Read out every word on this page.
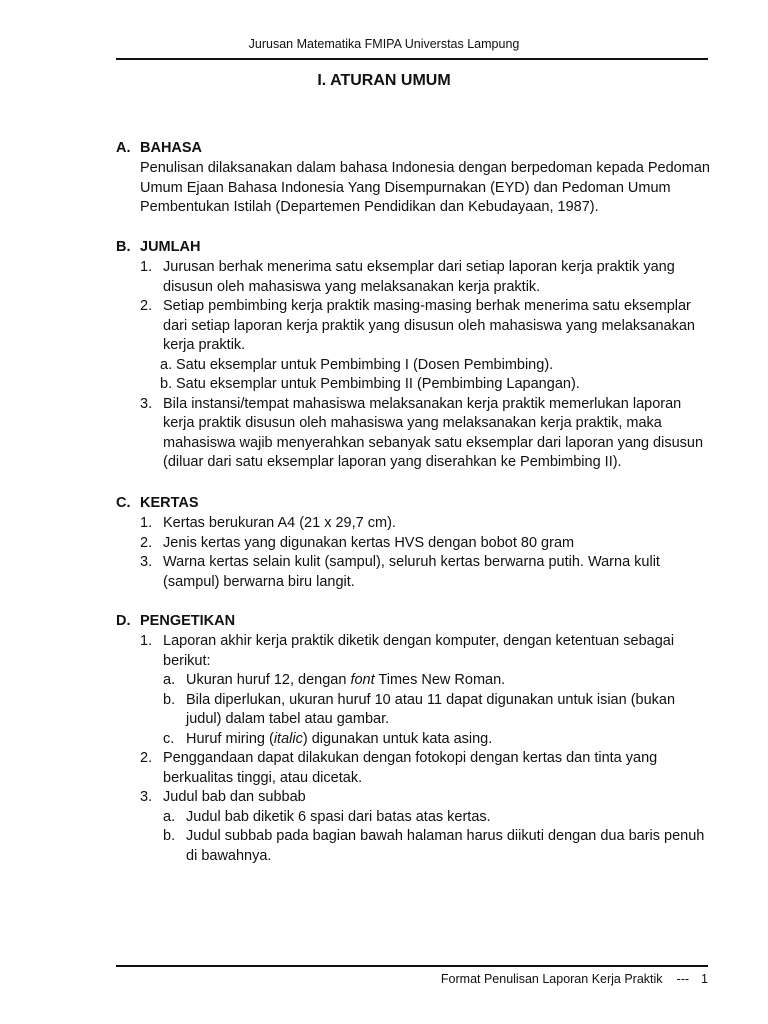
Jurusan Matematika FMIPA Universtas Lampung
I. ATURAN UMUM
A. BAHASA
Penulisan dilaksanakan dalam bahasa Indonesia dengan berpedoman kepada Pedoman Umum Ejaan Bahasa Indonesia Yang Disempurnakan (EYD) dan Pedoman Umum Pembentukan Istilah (Departemen Pendidikan dan Kebudayaan, 1987).
B. JUMLAH
1. Jurusan berhak menerima satu eksemplar dari setiap laporan kerja praktik yang disusun oleh mahasiswa yang melaksanakan kerja praktik.
2. Setiap pembimbing kerja praktik masing-masing berhak menerima satu eksemplar dari setiap laporan kerja praktik yang disusun oleh mahasiswa yang melaksanakan kerja praktik.
a. Satu eksemplar untuk Pembimbing I (Dosen Pembimbing).
b. Satu eksemplar untuk Pembimbing II (Pembimbing Lapangan).
3. Bila instansi/tempat mahasiswa melaksanakan kerja praktik memerlukan laporan kerja praktik disusun oleh mahasiswa yang melaksanakan kerja praktik, maka mahasiswa wajib menyerahkan sebanyak satu eksemplar dari laporan yang disusun (diluar dari satu eksemplar laporan yang diserahkan ke Pembimbing II).
C. KERTAS
1. Kertas berukuran A4 (21 x 29,7 cm).
2. Jenis kertas yang digunakan kertas HVS dengan bobot 80 gram
3. Warna kertas selain kulit (sampul), seluruh kertas berwarna putih. Warna kulit (sampul) berwarna biru langit.
D. PENGETIKAN
1. Laporan akhir kerja praktik diketik dengan komputer, dengan ketentuan sebagai berikut:
a. Ukuran huruf 12, dengan font Times New Roman.
b. Bila diperlukan, ukuran huruf 10 atau 11 dapat digunakan untuk isian (bukan judul) dalam tabel atau gambar.
c. Huruf miring (italic) digunakan untuk kata asing.
2. Penggandaan dapat dilakukan dengan fotokopi dengan kertas dan tinta yang berkualitas tinggi, atau dicetak.
3. Judul bab dan subbab
a. Judul bab diketik 6 spasi dari batas atas kertas.
b. Judul subbab pada bagian bawah halaman harus diikuti dengan dua baris penuh di bawahnya.
Format Penulisan Laporan Kerja Praktik --- 1
